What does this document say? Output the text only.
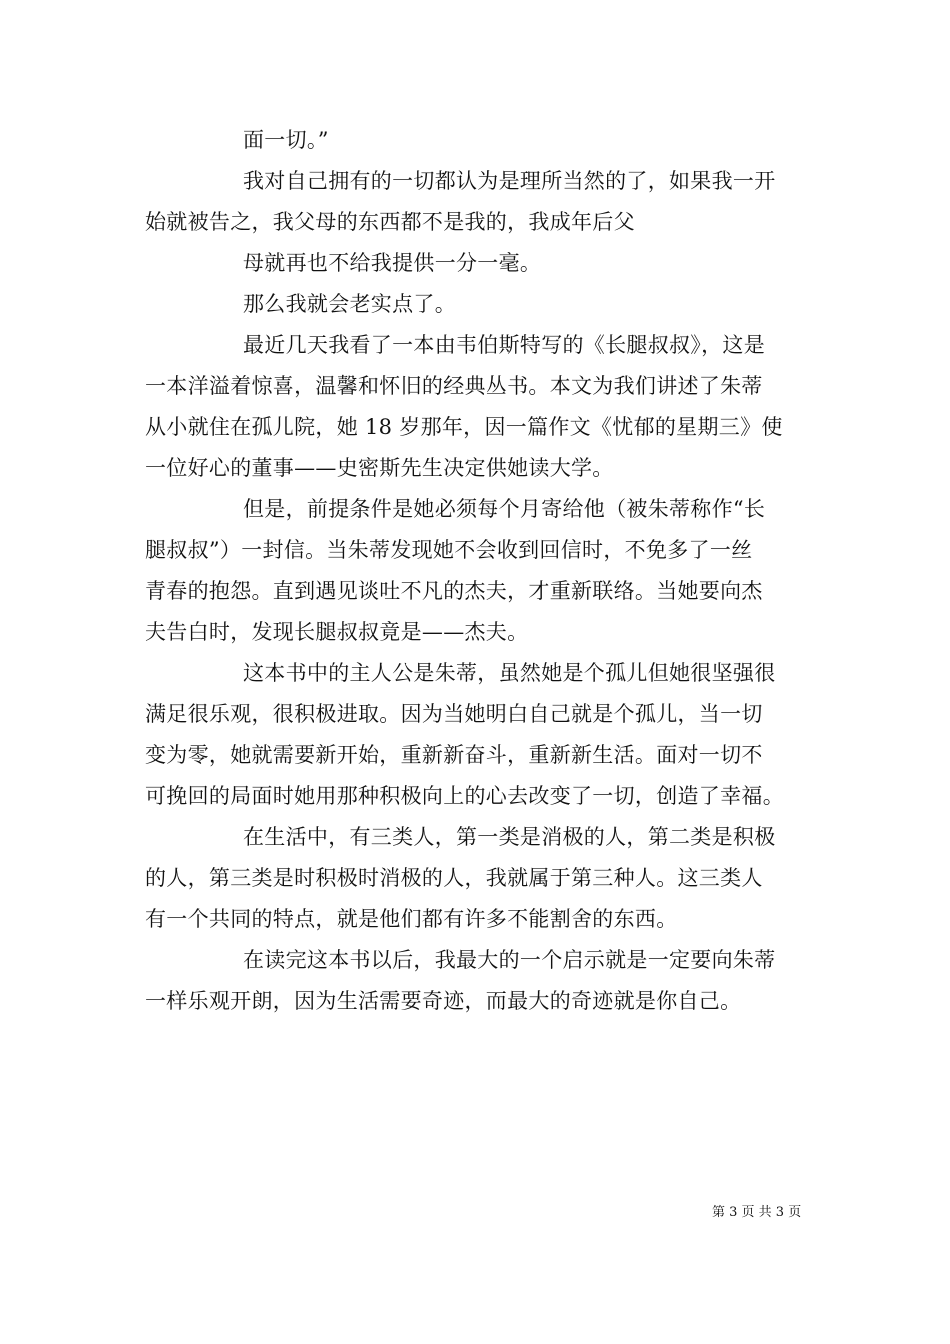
面一切。”
我对自己拥有的一切都认为是理所当然的了，如果我一开
始就被告之，我父母的东西都不是我的，我成年后父
母就再也不给我提供一分一毫。
那么我就会老实点了。
最近几天我看了一本由韦伯斯特写的《长腿叔叔》，这是
一本洋溢着惊喜，温馨和怀旧的经典丛书。本文为我们讲述了朱蒂
从小就住在孤儿院，她 18 岁那年，因一篇作文《忧郁的星期三》使
一位好心的董事——史密斯先生决定供她读大学。
但是，前提条件是她必须每个月寄给他（被朱蒂称作“长
腿叔叔”）一封信。当朱蒂发现她不会收到回信时，不免多了一丝
青春的抱怨。直到遇见谈吐不凡的杰夫，才重新联络。当她要向杰
夫告白时，发现长腿叔叔竟是——杰夫。
这本书中的主人公是朱蒂，虽然她是个孤儿但她很坚强很
满足很乐观，很积极进取。因为当她明白自己就是个孤儿，当一切
变为零，她就需要新开始，重新新奋斗，重新新生活。面对一切不
可挽回的局面时她用那种积极向上的心去改变了一切，创造了幸福。
在生活中，有三类人，第一类是消极的人，第二类是积极
的人，第三类是时积极时消极的人，我就属于第三种人。这三类人
有一个共同的特点，就是他们都有许多不能割舍的东西。
在读完这本书以后，我最大的一个启示就是一定要向朱蒂
一样乐观开朗，因为生活需要奇迹，而最大的奇迹就是你自己。
第 3 页 共 3 页
